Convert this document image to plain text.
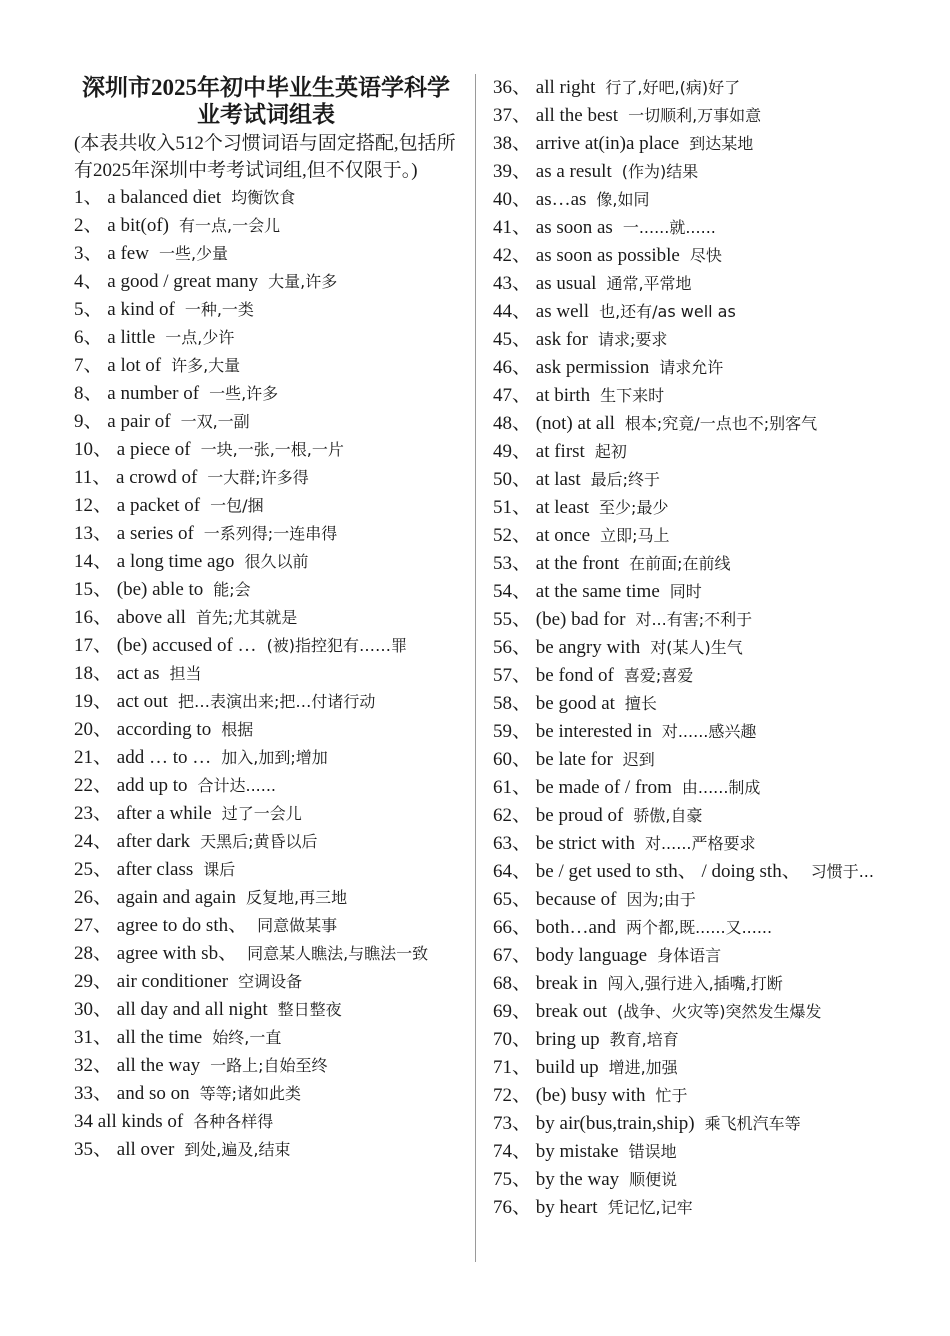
深圳市2025年初中毕业生英语学科学业考试词组表

(本表共收入512个习惯词语与固定搭配,包括所有2025年深圳中考考试词组,但不仅限于。)

1、 a balanced diet 均衡饮食
2、 a bit(of) 有一点,一会儿
3、 a few 一些,少量
4、 a good / great many 大量,许多
5、 a kind of 一种,一类
6、 a little 一点,少许
7、 a lot of 许多,大量
8、 a number of 一些,许多
9、 a pair of 一双,一副
10、 a piece of 一块,一张,一根,一片
11、 a crowd of 一大群;许多得
12、 a packet of 一包/捆
13、 a series of 一系列得;一连串得
14、 a long time ago 很久以前
15、 (be) able to 能;会
16、 above all 首先;尤其就是
17、 (be) accused of … (被)指控犯有……罪
18、 act as 担当
19、 act out 把…表演出来;把…付诸行动
20、 according to 根据
21、 add … to … 加入,加到;增加
22、 add up to 合计达......
23、 after a while 过了一会儿
24、 after dark 天黑后;黄昏以后
25、 after class 课后
26、 again and again 反复地,再三地
27、 agree to do sth、 同意做某事
28、 agree with sb、 同意某人瞧法,与瞧法一致
29、 air conditioner 空调设备
30、 all day and all night 整日整夜
31、 all the time 始终,一直
32、 all the way 一路上;自始至终
33、 and so on 等等;诸如此类
34 all kinds of 各种各样得
35、 all over 到处,遍及,结束
36、 all right 行了,好吧,(病)好了
37、 all the best 一切顺利,万事如意
38、 arrive at(in)a place 到达某地
39、 as a result (作为)结果
40、 as…as 像,如同
41、 as soon as 一......就......
42、 as soon as possible 尽快
43、 as usual 通常,平常地
44、 as well 也,还有/as well as
45、 ask for 请求;要求
46、 ask permission 请求允许
47、 at birth 生下来时
48、 (not) at all 根本;究竟/一点也不;别客气
49、 at first 起初
50、 at last 最后;终于
51、 at least 至少;最少
52、 at once 立即;马上
53、 at the front 在前面;在前线
54、 at the same time 同时
55、 (be) bad for 对...有害;不利于
56、 be angry with 对(某人)生气
57、 be fond of 喜爱;喜爱
58、 be good at 擅长
59、 be interested in 对......感兴趣
60、 be late for 迟到
61、 be made of / from 由......制成
62、 be proud of 骄傲,自豪
63、 be strict with 对......严格要求
64、 be / get used to sth、 / doing sth、 习惯于...
65、 because of 因为;由于
66、 both…and 两个都,既......又......
67、 body language 身体语言
68、 break in 闯入,强行进入,插嘴,打断
69、 break out (战争、火灾等)突然发生爆发
70、 bring up 教育,培育
71、 build up 增进,加强
72、 (be) busy with 忙于
73、 by air(bus,train,ship) 乘飞机汽车等
74、 by mistake 错误地
75、 by the way 顺便说
76、 by heart 凭记忆,记牢
